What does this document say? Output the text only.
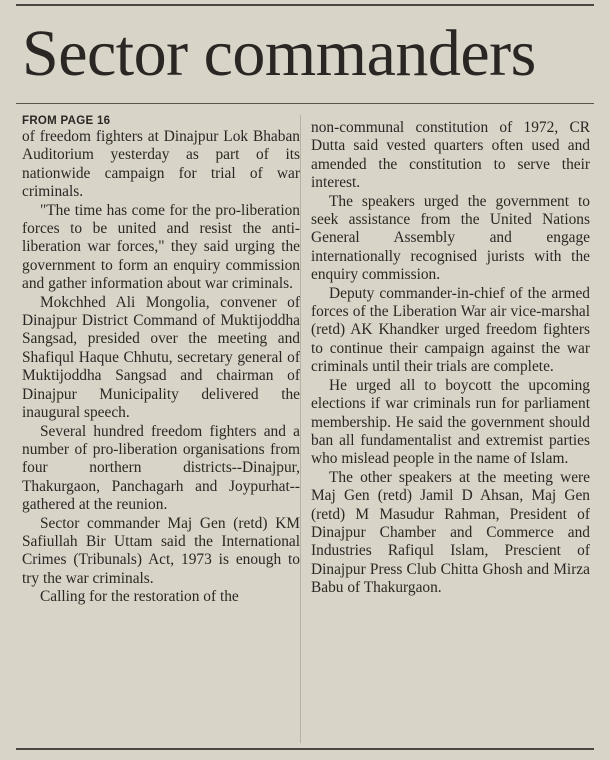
Sector commanders
FROM PAGE 16

of freedom fighters at Dinajpur Lok Bhaban Auditorium yesterday as part of its nationwide campaign for trial of war criminals.

"The time has come for the pro-liberation forces to be united and resist the anti-liberation war forces," they said urging the government to form an enquiry commission and gather information about war criminals.

Mokchhed Ali Mongolia, convener of Dinajpur District Command of Muktijoddha Sangsad, presided over the meeting and Shafiqul Haque Chhutu, secretary general of Muktijoddha Sangsad and chairman of Dinajpur Municipality delivered the inaugural speech.

Several hundred freedom fighters and a number of pro-liberation organisations from four northern districts--Dinajpur, Thakurgaon, Panchagarh and Joypurhat--gathered at the reunion.

Sector commander Maj Gen (retd) KM Safiullah Bir Uttam said the International Crimes (Tribunals) Act, 1973 is enough to try the war criminals.

Calling for the restoration of the

non-communal constitution of 1972, CR Dutta said vested quarters often used and amended the constitution to serve their interest.

The speakers urged the government to seek assistance from the United Nations General Assembly and engage internationally recognised jurists with the enquiry commission.

Deputy commander-in-chief of the armed forces of the Liberation War air vice-marshal (retd) AK Khandker urged freedom fighters to continue their campaign against the war criminals until their trials are complete.

He urged all to boycott the upcoming elections if war criminals run for parliament membership. He said the government should ban all fundamentalist and extremist parties who mislead people in the name of Islam.

The other speakers at the meeting were Maj Gen (retd) Jamil D Ahsan, Maj Gen (retd) M Masudur Rahman, President of Dinajpur Chamber and Commerce and Industries Rafiqul Islam, Prescient of Dinajpur Press Club Chitta Ghosh and Mirza Babu of Thakurgaon.
